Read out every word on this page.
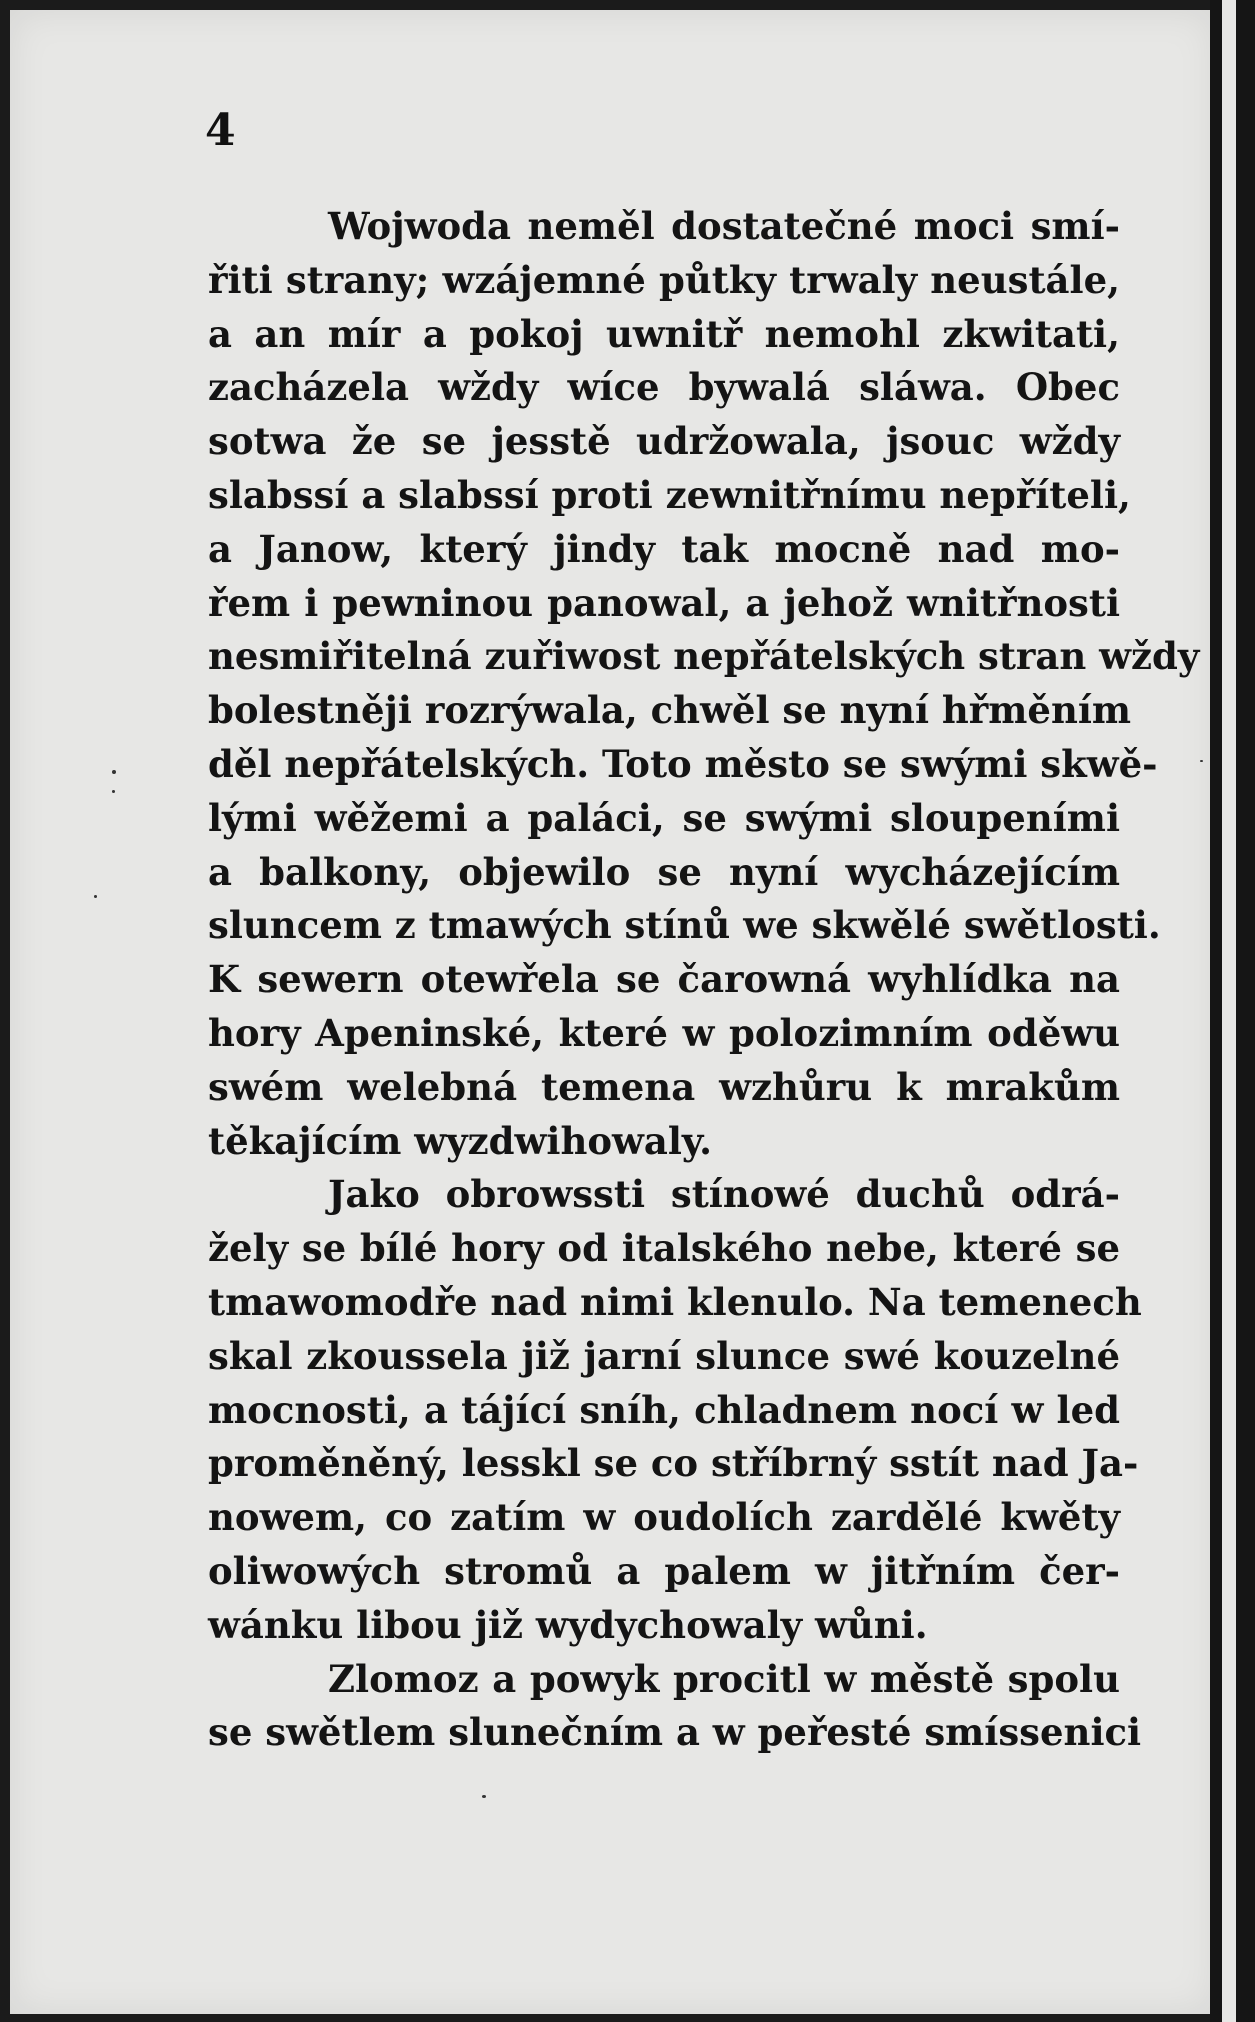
4
Wojwoda neměl dostatečné moci smí-
řiti strany; wzájemné půtky trwaly neustále,
a an mír a pokoj uwnitř nemohl zkwitati,
zacházela wždy wíce bywalá sláwa. Obec
sotwa že se jesstě udržowala, jsouc wždy
slabssí a slabssí proti zewnitřnímu nepříteli,
a Janow, který jindy tak mocně nad mo-
řem i pewninou panowal, a jehož wnitřnosti
nesmiřitelná zuřiwost nepřátelských stran wždy
bolestněji rozrýwala, chwěl se nyní hřměním
děl nepřátelských. Toto město se swými skwě-
lými wěžemi a paláci, se swými sloupeními
a balkony, objewilo se nyní wycházejícím
sluncem z tmawých stínů we skwělé swětlosti.
K sewern otewřela se čarowná wyhlídka na
hory Apeninské, které w polozimním oděwu
swém welebná temena wzhůru k mrakům
těkajícím wyzdwihowaly.
Jako obrowssti stínowé duchů odrá-
žely se bílé hory od italského nebe, které se
tmawomodře nad nimi klenulo. Na temenech
skal zkoussela již jarní slunce swé kouzelné
mocnosti, a tájící sníh, chladnem nocí w led
proměněný, lesskl se co stříbrný sstít nad Ja-
nowem, co zatím w oudolích zardělé kwěty
oliwowých stromů a palem w jitřním čer-
wánku libou již wydychowaly wůni.
Zlomoz a powyk procitl w městě spolu
se swětlem slunečním a w peřesté smíssenici
